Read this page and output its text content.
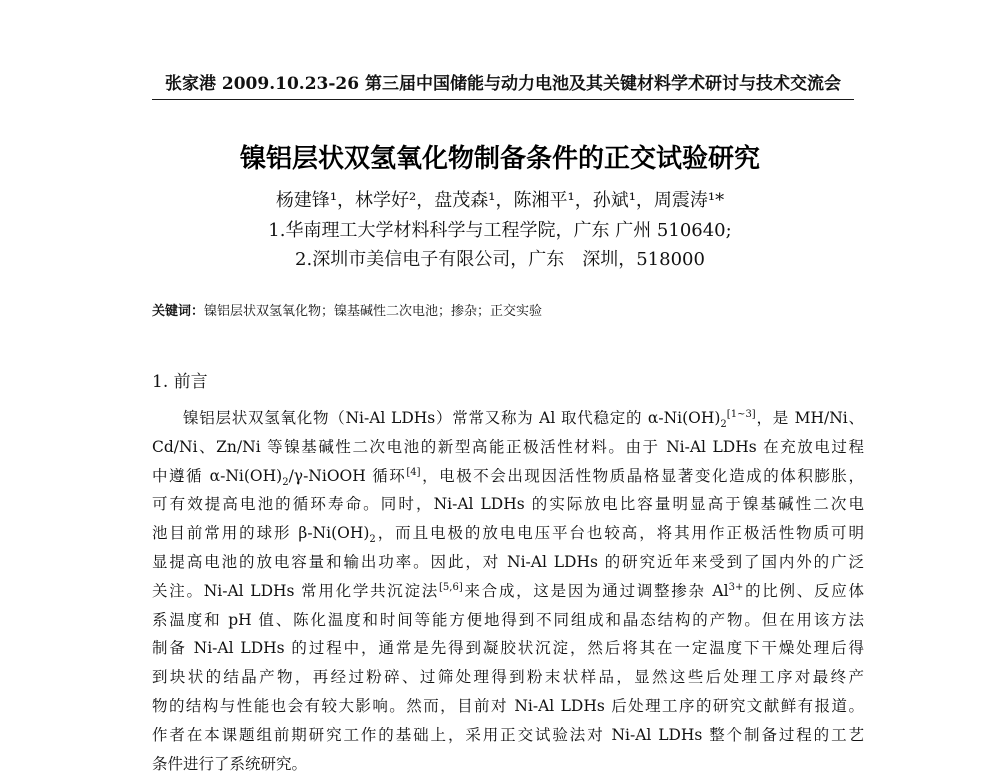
张家港 2009.10.23-26 第三届中国储能与动力电池及其关键材料学术研讨与技术交流会
镍铝层状双氢氧化物制备条件的正交试验研究
杨建锋¹，林学好²，盘茂森¹，陈湘平¹，孙斌¹，周震涛¹*
1.华南理工大学材料科学与工程学院，广东 广州 510640;
2.深圳市美信电子有限公司，广东　深圳，518000
关键词：镍铝层状双氢氧化物；镍基碱性二次电池；掺杂；正交实验
1. 前言
镍铝层状双氢氧化物（Ni-Al LDHs）常常又称为 Al 取代稳定的 $\alpha-Ni(OH)_2[1\sim 3]$，是 MH/Ni、
Cd/Ni、Zn/Ni 等镍基碱性二次电池的新型高能正极活性材料。由于 Ni-Al LDHs 在充放电过程
中遵循 $\alpha-Ni(OH)_2/\gamma$-NiOOH 循环[4]，电极不会出现因活性物质晶格显著变化造成的体积膨胀，
可有效提高电池的循环寿命。同时，Ni-Al LDHs 的实际放电比容量明显高于镍基碱性二次电
池目前常用的球形 $\beta-Ni(OH)_2$，而且电极的放电电压平台也较高，将其用作正极活性物质可明
显提高电池的放电容量和输出功率。因此，对 Ni-Al LDHs 的研究近年来受到了国内外的广泛
关注。Ni-Al LDHs 常用化学共沉淀法[5,6]来合成，这是因为通过调整掺杂 $Al^{3+}$的比例、反应体
系温度和 pH 值、陈化温度和时间等能方便地得到不同组成和晶态结构的产物。但在用该方法
制备 Ni-Al LDHs 的过程中，通常是先得到凝胶状沉淀，然后将其在一定温度下干燥处理后得
到块状的结晶产物，再经过粉碎、过筛处理得到粉末状样品，显然这些后处理工序对最终产
物的结构与性能也会有较大影响。然而，目前对 Ni-Al LDHs 后处理工序的研究文献鲜有报道。
作者在本课题组前期研究工作的基础上，采用正交试验法对 Ni-Al LDHs 整个制备过程的工艺
条件进行了系统研究。
